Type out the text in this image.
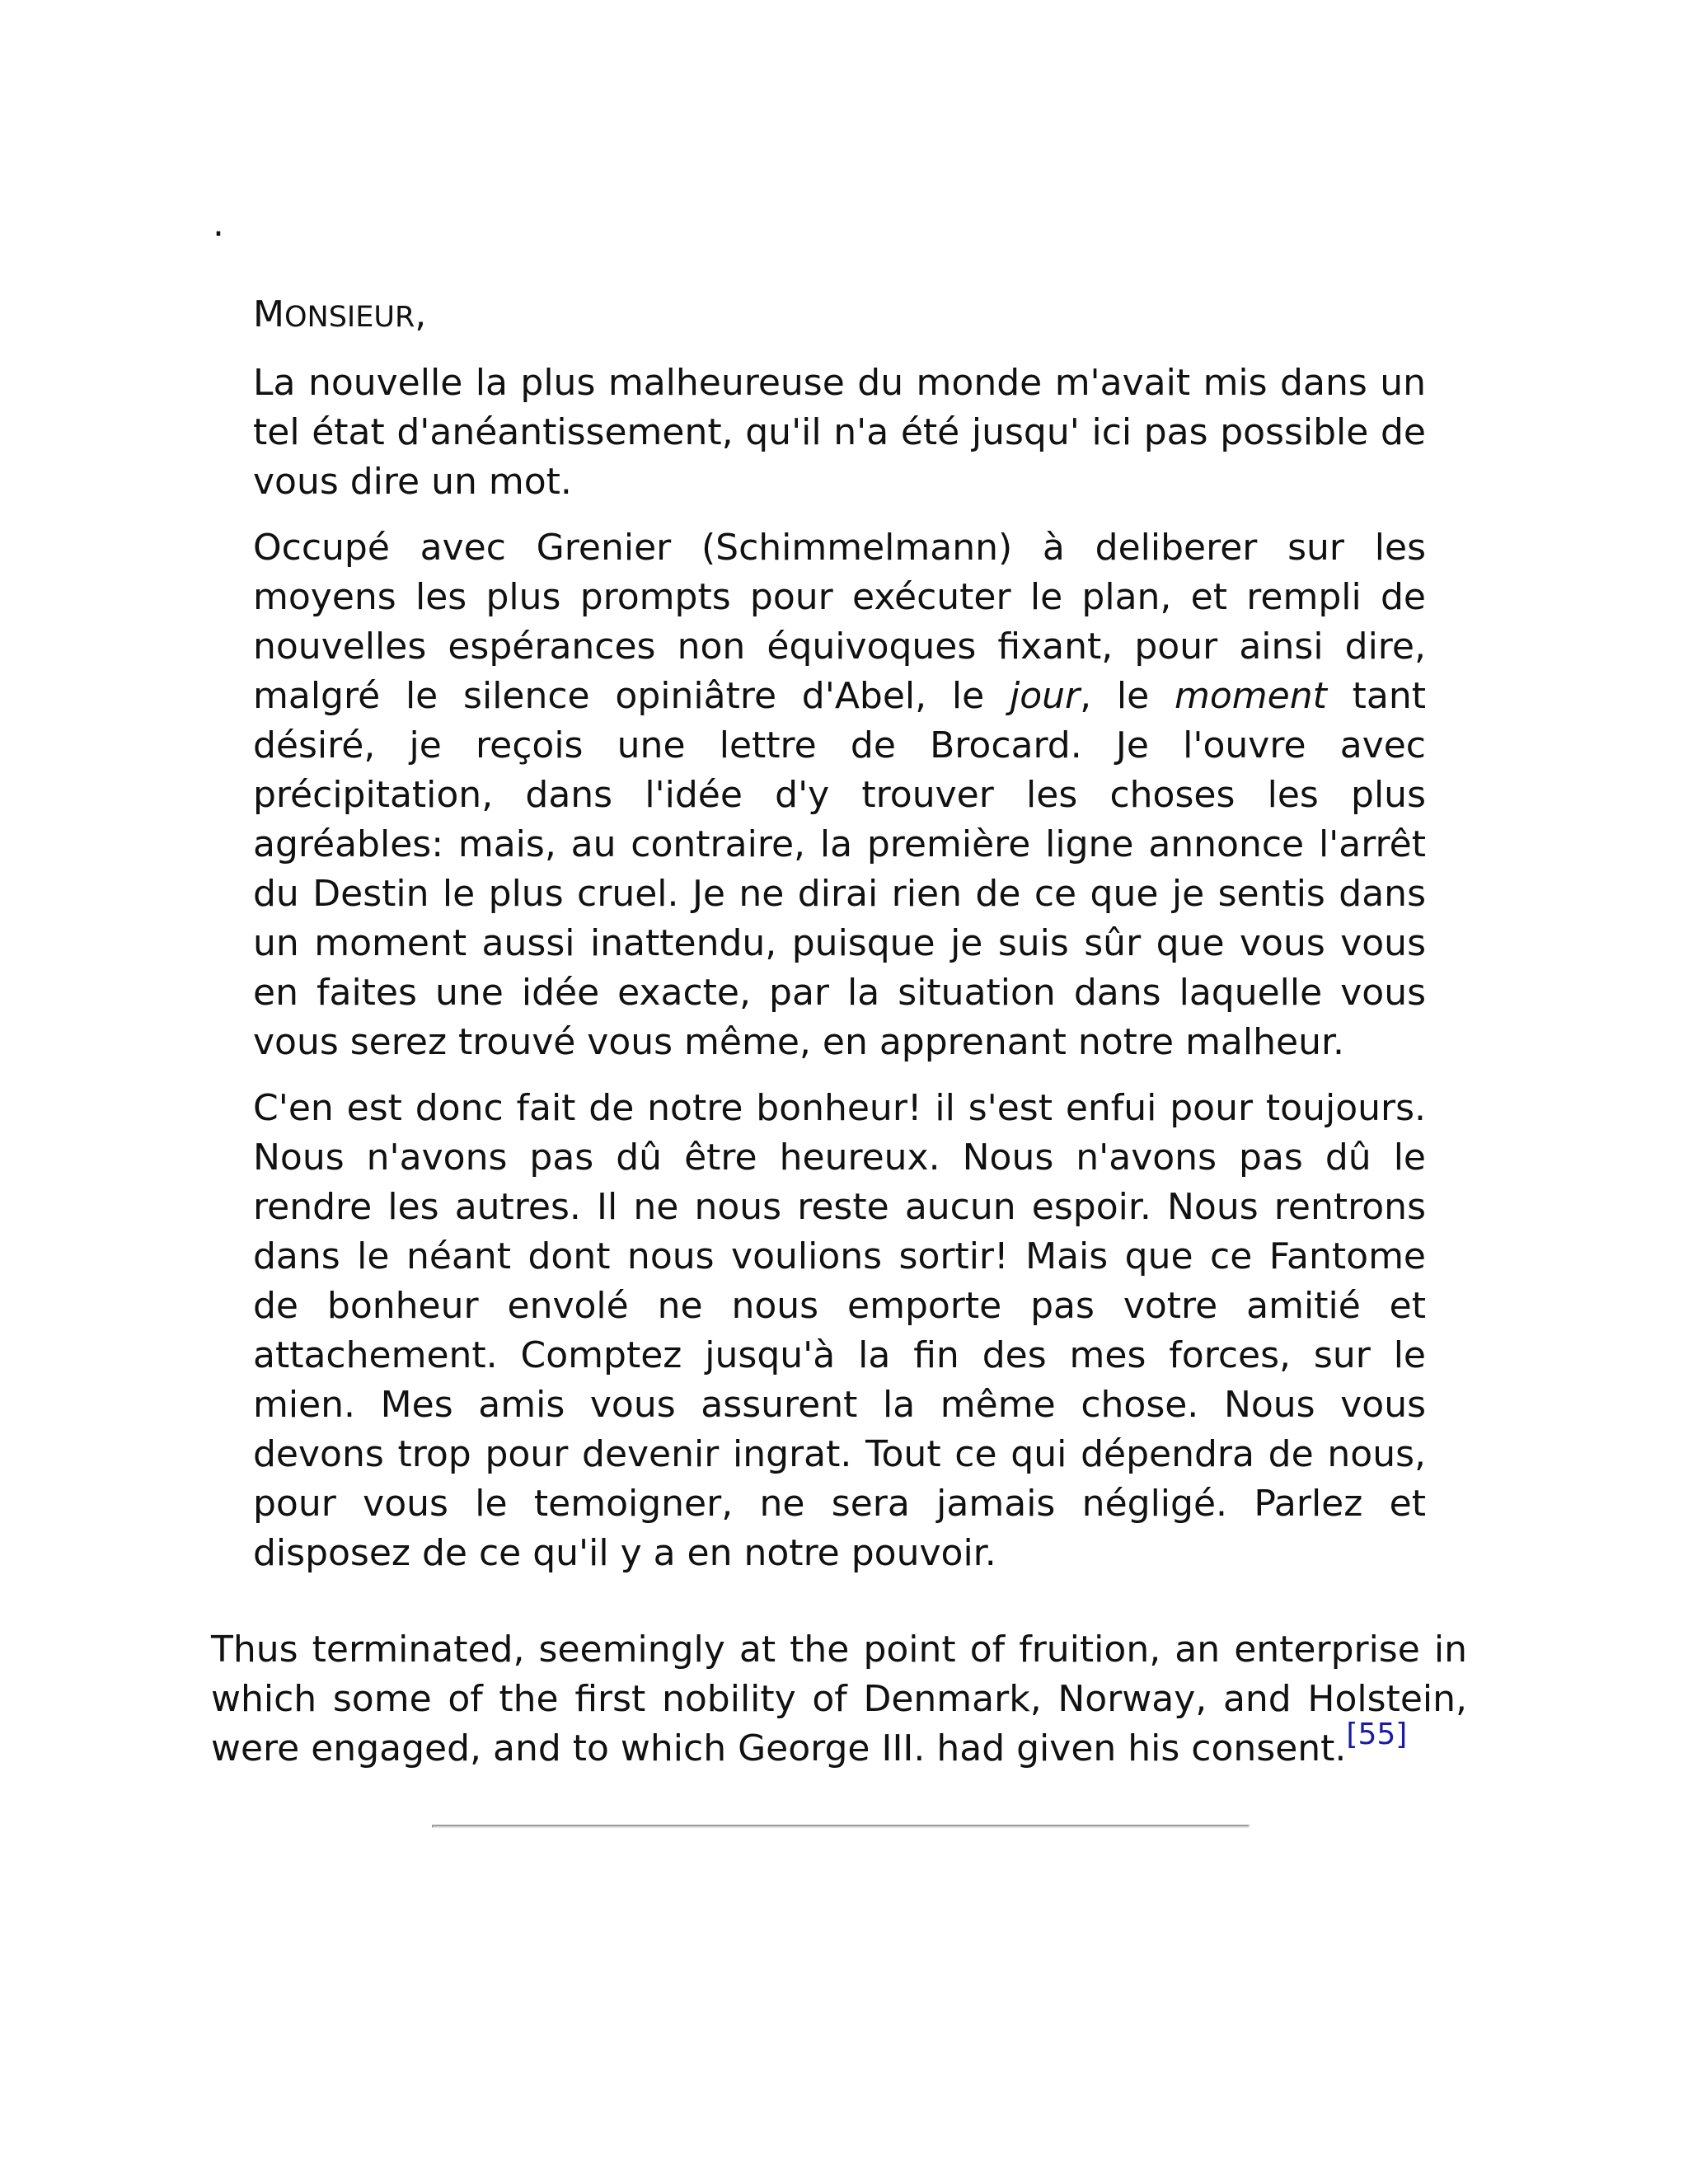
.
MONSIEUR,

La nouvelle la plus malheureuse du monde m'avait mis dans un tel état d'anéantissement, qu'il n'a été jusqu' ici pas possible de vous dire un mot.

Occupé avec Grenier (Schimmelmann) à deliberer sur les moyens les plus prompts pour exécuter le plan, et rempli de nouvelles espérances non équivoques fixant, pour ainsi dire, malgré le silence opiniâtre d'Abel, le jour, le moment tant désiré, je reçois une lettre de Brocard. Je l'ouvre avec précipitation, dans l'idée d'y trouver les choses les plus agréables: mais, au contraire, la première ligne annonce l'arrêt du Destin le plus cruel. Je ne dirai rien de ce que je sentis dans un moment aussi inattendu, puisque je suis sûr que vous vous en faites une idée exacte, par la situation dans laquelle vous vous serez trouvé vous même, en apprenant notre malheur.

C'en est donc fait de notre bonheur! il s'est enfui pour toujours. Nous n'avons pas dû être heureux. Nous n'avons pas dû le rendre les autres. Il ne nous reste aucun espoir. Nous rentrons dans le néant dont nous voulions sortir! Mais que ce Fantome de bonheur envolé ne nous emporte pas votre amitié et attachement. Comptez jusqu'à la fin des mes forces, sur le mien. Mes amis vous assurent la même chose. Nous vous devons trop pour devenir ingrat. Tout ce qui dépendra de nous, pour vous le temoigner, ne sera jamais négligé. Parlez et disposez de ce qu'il y a en notre pouvoir.

Thus terminated, seemingly at the point of fruition, an enterprise in which some of the first nobility of Denmark, Norway, and Holstein, were engaged, and to which George III. had given his consent.[55]
